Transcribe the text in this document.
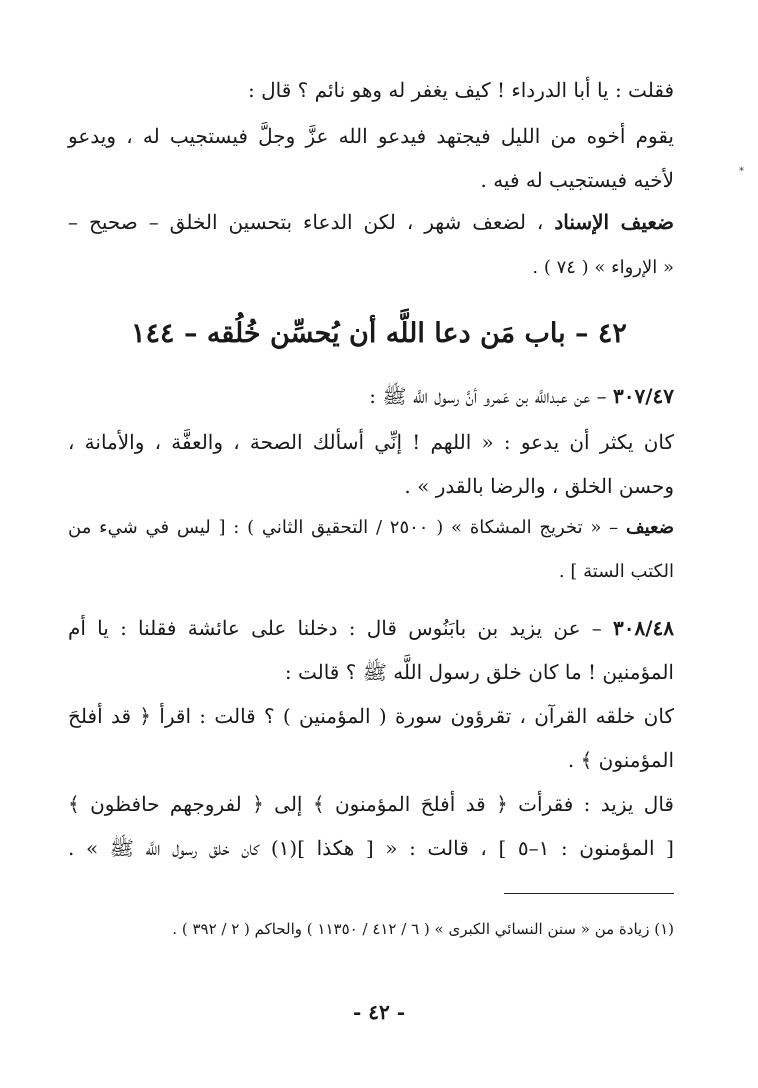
فقلت : يا أبا الدرداء ! كيف يغفر له وهو نائم ؟ قال :
يقوم أخوه من الليل فيجتهد فيدعو الله عزَّ وجلَّ فيستجيب له ، ويدعو
لأخيه فيستجيب له فيه .
ضعيف الإسناد ، لضعف شهر ، لكن الدعاء بتحسين الخلق – صحيح –
« الإرواء » ( ٧٤ ) .
*
٤٢ – باب مَن دعا اللَّه أن يُحسِّن خُلُقه – ١٤٤
٣٠٧/٤٧ – عن عبداللَّه بن عَمرو أنَّ رسول اللَّه ﷺ :
كان يكثر أن يدعو : « اللهم ! إنِّي أسألك الصحة ، والعفَّة ، والأمانة ،
وحسن الخلق ، والرضا بالقدر » .
ضعيف – « تخريج المشكاة » ( ٢٥٠٠ / التحقيق الثاني ) : [ ليس في شيء من
الكتب الستة ] .
٣٠٨/٤٨ – عن يزيد بن بابَنُوس قال : دخلنا على عائشة فقلنا : يا أم
المؤمنين ! ما كان خلق رسول اللَّه ﷺ ؟ قالت :
كان خلقه القرآن ، تقرؤون سورة ( المؤمنين ) ؟ قالت : اقرأ ﴿ قد أفلحَ
المؤمنون ﴾ .
قال يزيد : فقرأت ﴿ قد أفلحَ المؤمنون ﴾ إلى ﴿ لفروجهم حافظون ﴾
[ المؤمنون : ١–٥ ] ، قالت : « [ هكذا ](١) كان خلق رسول اللَّه ﷺ » .
(١) زيادة من « سنن النسائي الكبرى » ( ٦ / ٤١٢ / ١١٣٥٠ ) والحاكم ( ٢ / ٣٩٢ ) .
- ٤٢ -
